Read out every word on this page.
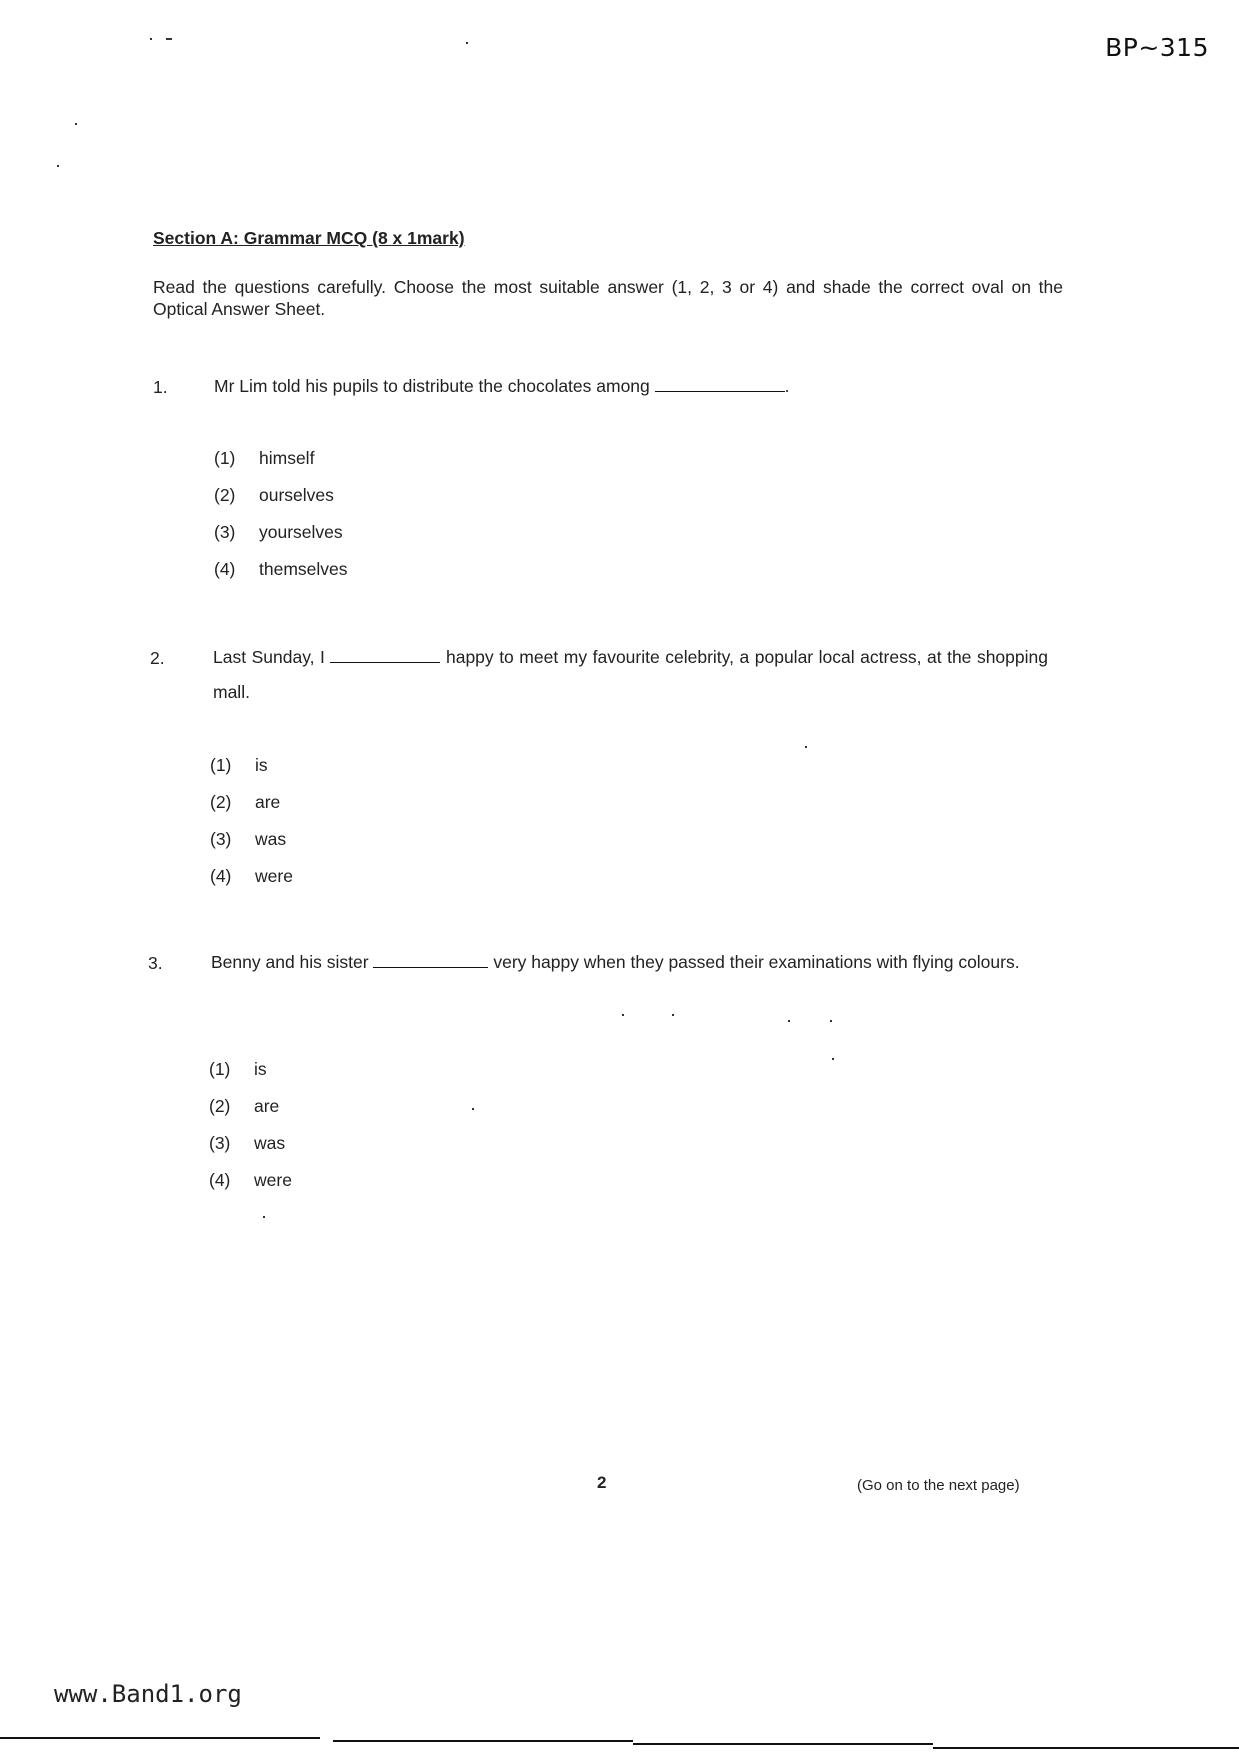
BP~315
Section A: Grammar MCQ (8 x 1mark)
Read the questions carefully. Choose the most suitable answer (1, 2, 3 or 4) and shade the correct oval on the Optical Answer Sheet.
1.	Mr Lim told his pupils to distribute the chocolates among	.
(1)	himself
(2)	ourselves
(3)	yourselves
(4)	themselves
2.	Last Sunday, I	happy to meet my favourite celebrity, a popular local actress, at the shopping mall.
(1)	is
(2)	are
(3)	was
(4)	were
3.	Benny and his sister	very happy when they passed their examinations with flying colours.
(1)	is
(2)	are
(3)	was
(4)	were
2	(Go on to the next page)
www.Band1.org
